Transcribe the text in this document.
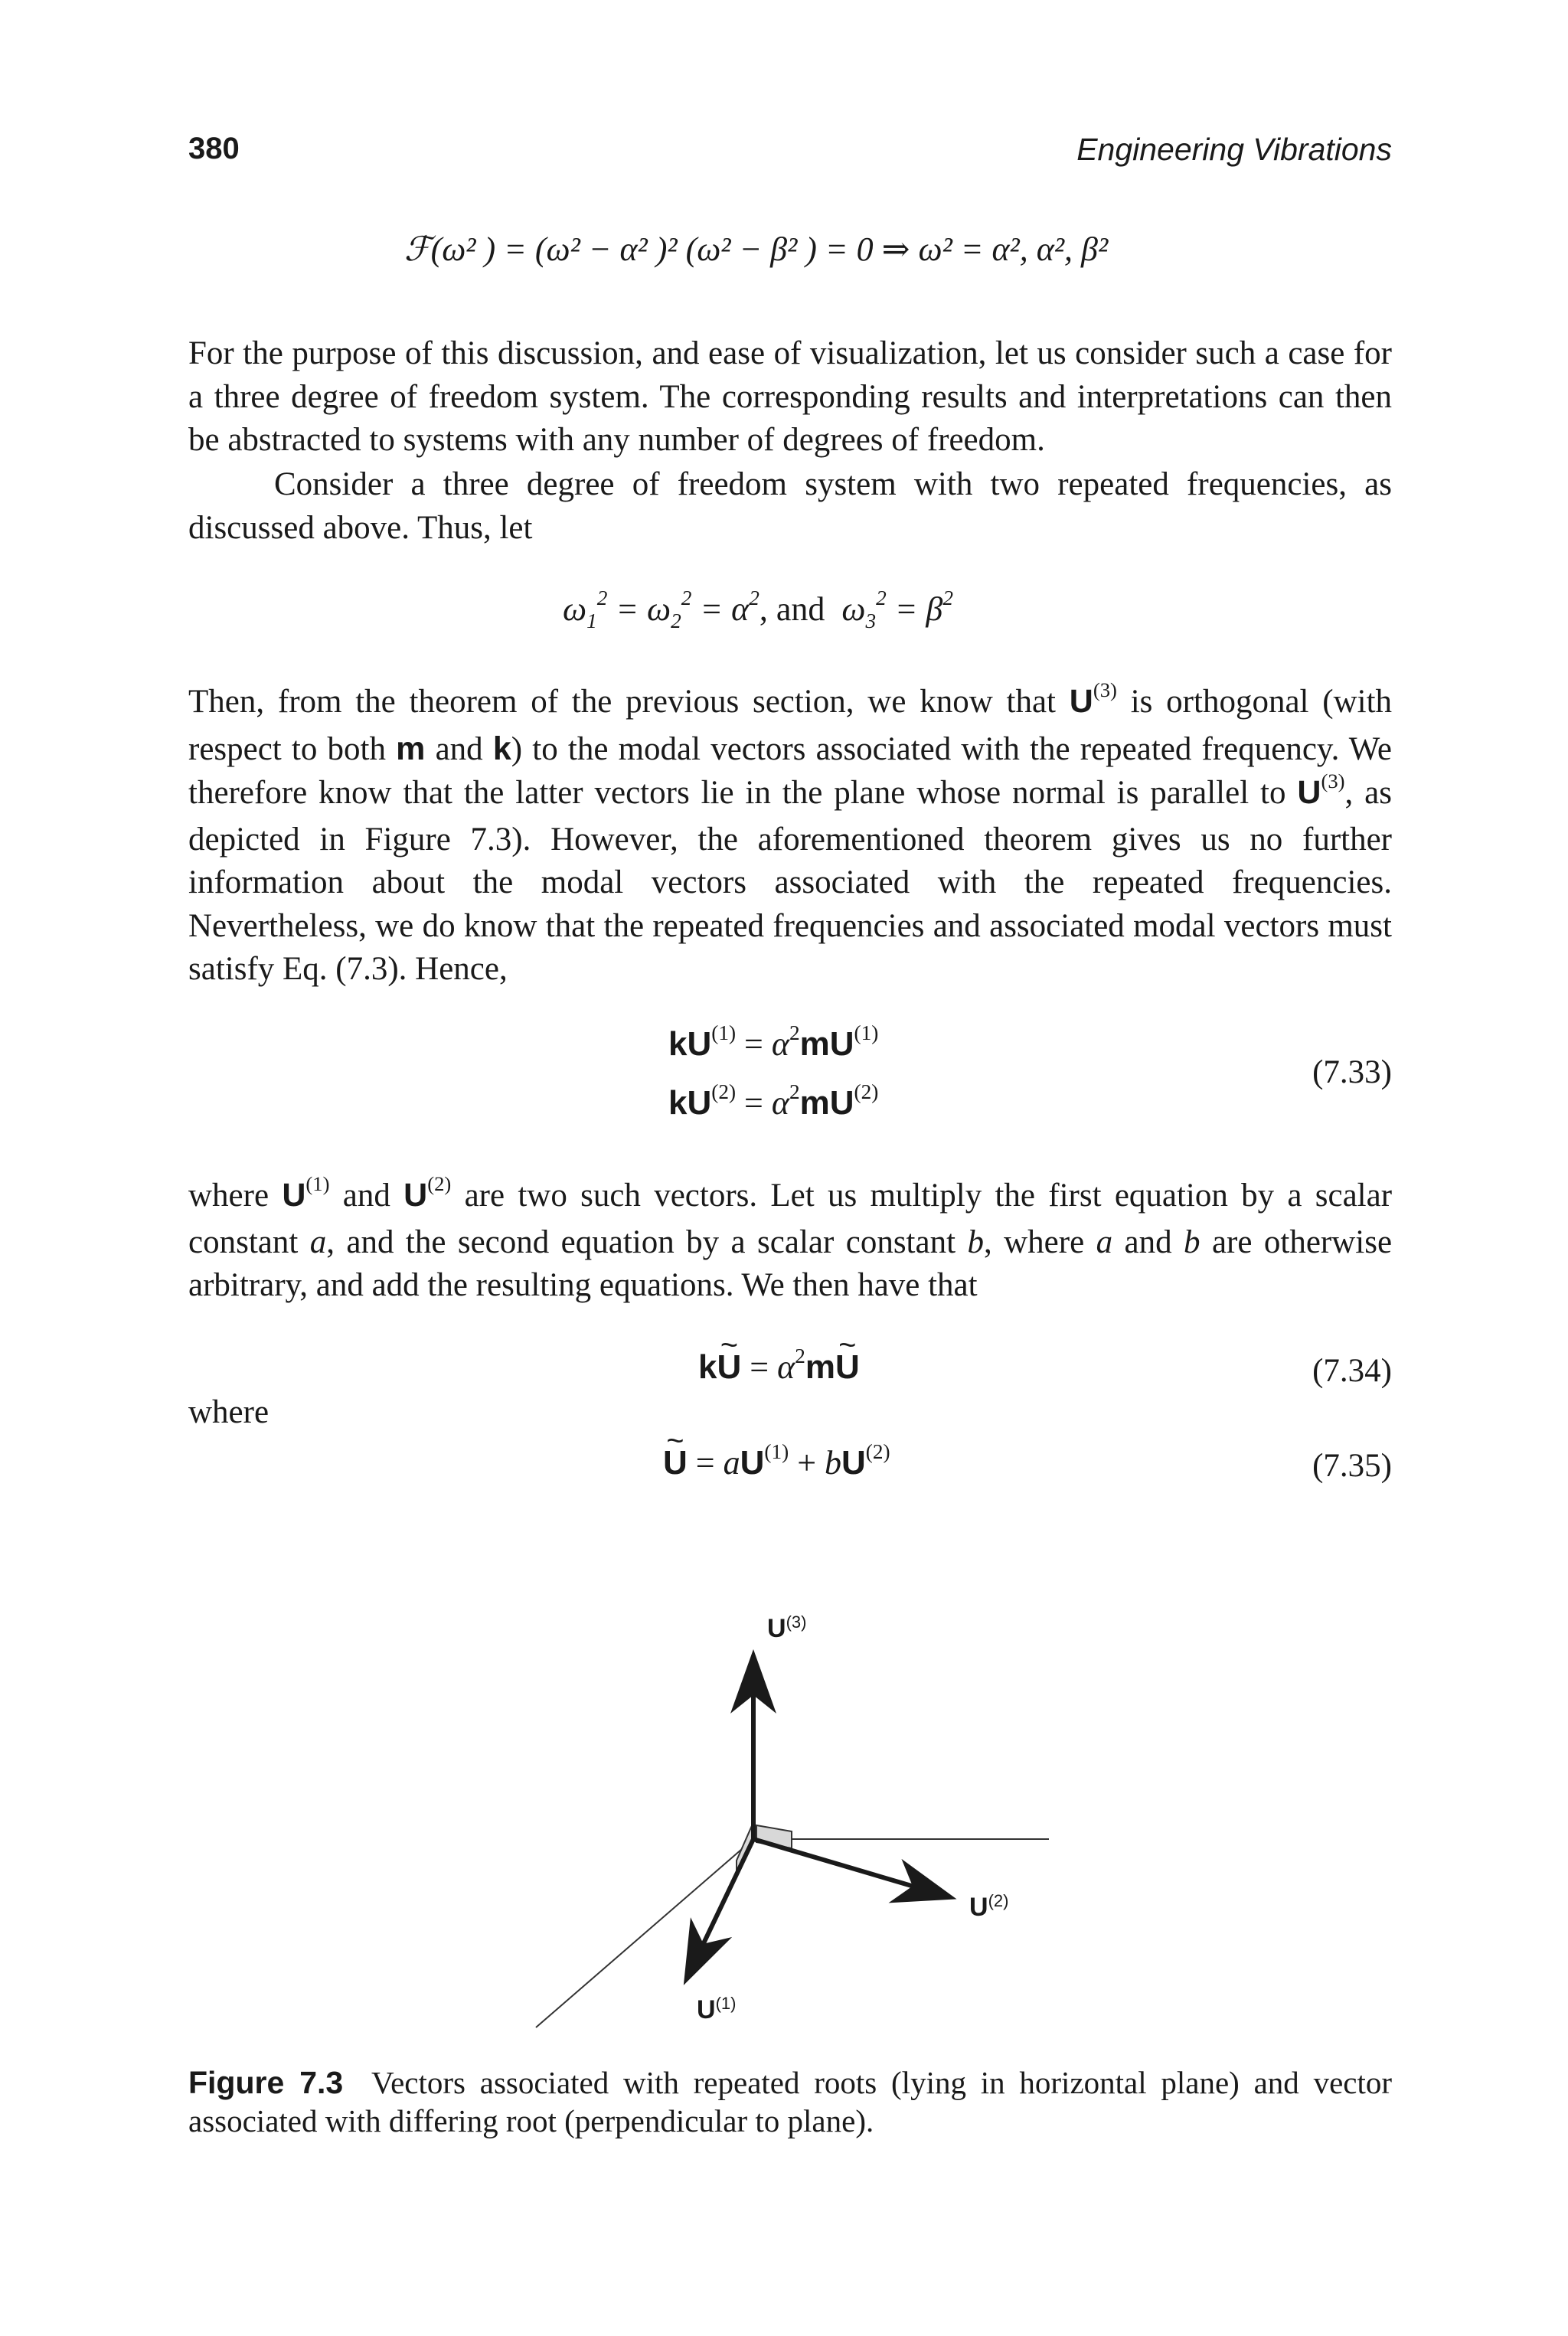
380	Engineering Vibrations
ℱ(ω² ) = (ω² − α² )² (ω² − β² ) = 0 ⇒ ω² = α², α², β²
For the purpose of this discussion, and ease of visualization, let us consider such a case for a three degree of freedom system. The corresponding results and interpretations can then be abstracted to systems with any number of degrees of freedom.
Consider a three degree of freedom system with two repeated frequencies, as discussed above. Thus, let
$\omega_1^2 = \omega_2^2 = \alpha^2$, and  $\omega_3^2 = \beta^2$
Then, from the theorem of the previous section, we know that $U^{(3)}$ is orthogonal (with respect to both m and k) to the modal vectors associated with the repeated frequency. We therefore know that the latter vectors lie in the plane whose normal is parallel to $U^{(3)}$, as depicted in Figure 7.3). However, the aforementioned theorem gives us no further information about the modal vectors associated with the repeated frequencies. Nevertheless, we do know that the repeated frequencies and associated modal vectors must satisfy Eq. (7.3). Hence,
$kU^{(1)} = \alpha^2mU^{(1)}$
$kU^{(2)} = \alpha^2mU^{(2)}$
(7.33)
where $U^{(1)}$ and $U^{(2)}$ are two such vectors. Let us multiply the first equation by a scalar constant a, and the second equation by a scalar constant b, where a and b are otherwise arbitrary, and add the resulting equations. We then have that
kU ~ = $\alpha^2mU$ ~	(7.34)
where
U ~ = $aU^{(1)} + bU^{(2)}$	(7.35)
$U^{(3)}$
$U^{(2)}$
$U^{(1)}$
Figure 7.3 Vectors associated with repeated roots (lying in horizontal plane) and vector associated with differing root (perpendicular to plane).
